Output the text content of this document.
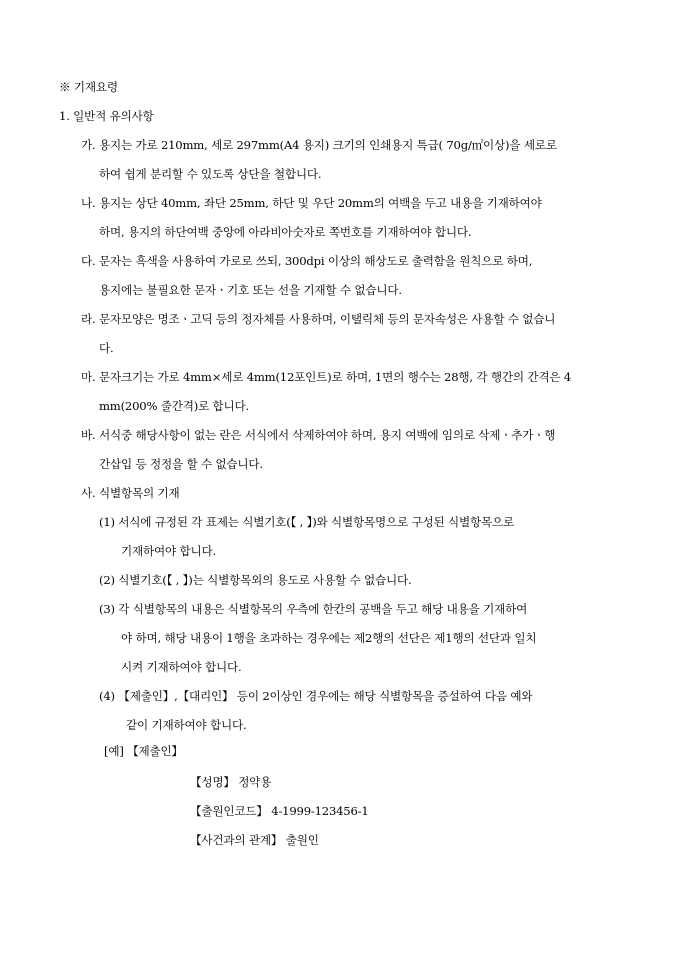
※ 기재요령
1. 일반적 유의사항
가. 용지는 가로 210mm, 세로 297mm(A4 용지) 크기의 인쇄용지 특급( 70g/㎡이상)을 세로로
하여 쉽게 분리할 수 있도록 상단을 철합니다.
나. 용지는 상단 40mm, 좌단 25mm, 하단 및 우단 20mm의 여백을 두고 내용을 기재하여야
하며, 용지의 하단여백 중앙에 아라비아숫자로 쪽번호를 기재하여야 합니다.
다. 문자는 흑색을 사용하여 가로로 쓰되, 300dpi 이상의 해상도로 출력함을 원칙으로 하며,
용지에는 불필요한 문자ㆍ기호 또는 선을 기재할 수 없습니다.
라. 문자모양은 명조ㆍ고딕 등의 정자체를 사용하며, 이탤릭체 등의 문자속성은 사용할 수 없습니
다.
마. 문자크기는 가로 4mm×세로 4mm(12포인트)로 하며, 1면의 행수는 28행, 각 행간의 간격은 4
mm(200% 줄간격)로 합니다.
바. 서식중 해당사항이 없는 란은 서식에서 삭제하여야 하며, 용지 여백에 임의로 삭제ㆍ추가ㆍ행
간삽입 등 정정을 할 수 없습니다.
사. 식별항목의 기재
(1) 서식에 규정된 각 표제는 식별기호(【 , 】)와 식별항목명으로 구성된 식별항목으로
기재하여야 합니다.
(2) 식별기호(【 , 】)는 식별항목외의 용도로 사용할 수 없습니다.
(3) 각 식별항목의 내용은 식별항목의 우측에 한칸의 공백을 두고 해당 내용을 기재하여
야 하며, 해당 내용이 1행을 초과하는 경우에는 제2행의 선단은 제1행의 선단과 일치
시켜 기재하여야 합니다.
(4) 【제출인】,【대리인】 등이 2이상인 경우에는 해당 식별항목을 증설하여 다음 예와
같이 기재하여야 합니다.
[예] 【제출인】
【성명】 정약용
【출원인코드】 4-1999-123456-1
【사건과의 관계】 출원인
